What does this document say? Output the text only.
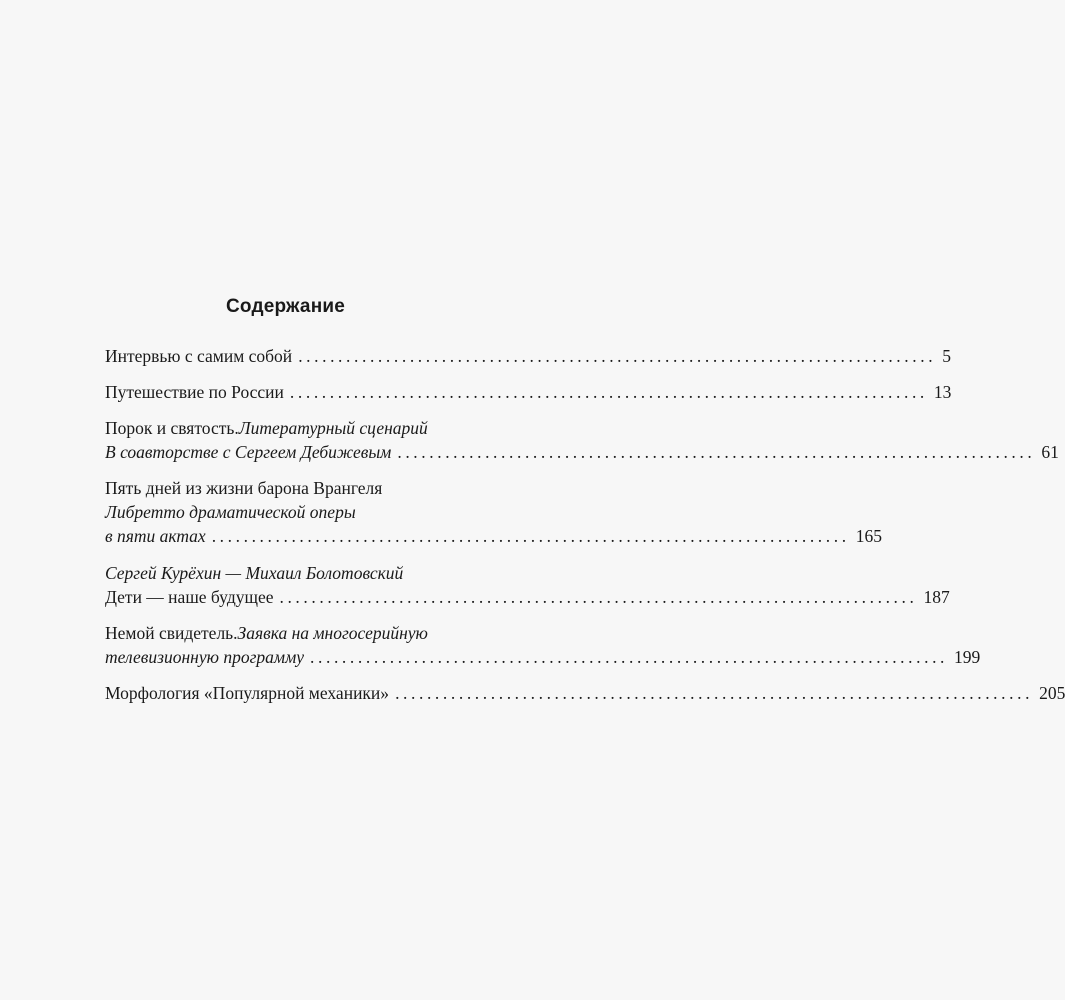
Содержание
Интервью с самим собой ................................................................................ 5
Путешествие по России ................................................................................ 13
Порок и святость. Литературный сценарий
В соавторстве с Сергеем Дебижевым ................................................................................ 61
Пять дней из жизни барона Врангеля
Либретто драматической оперы
в пяти актах ................................................................................ 165
Сергей Курёхин — Михаил Болотовский
Дети — наше будущее ................................................................................ 187
Немой свидетель. Заявка на многосерийную
телевизионную программу ................................................................................ 199
Морфология «Популярной механики» ................................................................................ 205
